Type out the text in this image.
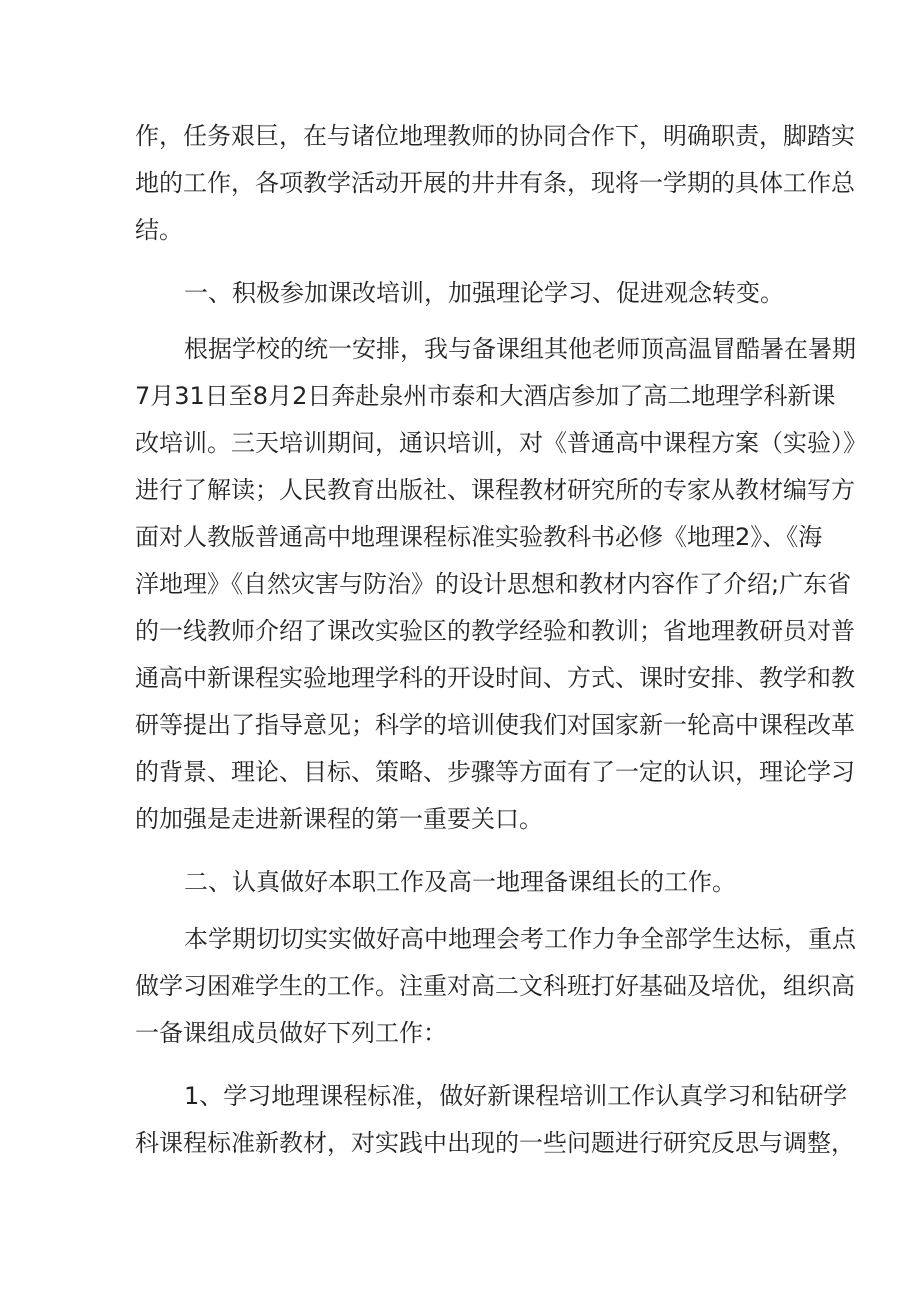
作，任务艰巨，在与诸位地理教师的协同合作下，明确职责，脚踏实
地的工作，各项教学活动开展的井井有条，现将一学期的具体工作总
结。
一、积极参加课改培训，加强理论学习、促进观念转变。
根据学校的统一安排，我与备课组其他老师顶高温冒酷暑在暑期
7月31日至8月2日奔赴泉州市泰和大酒店参加了高二地理学科新课
改培训。三天培训期间，通识培训，对《普通高中课程方案（实验）》
进行了解读；人民教育出版社、课程教材研究所的专家从教材编写方
面对人教版普通高中地理课程标准实验教科书必修《地理2》、《海
洋地理》《自然灾害与防治》的设计思想和教材内容作了介绍;广东省
的一线教师介绍了课改实验区的教学经验和教训；省地理教研员对普
通高中新课程实验地理学科的开设时间、方式、课时安排、教学和教
研等提出了指导意见；科学的培训使我们对国家新一轮高中课程改革
的背景、理论、目标、策略、步骤等方面有了一定的认识，理论学习
的加强是走进新课程的第一重要关口。
二、认真做好本职工作及高一地理备课组长的工作。
本学期切切实实做好高中地理会考工作力争全部学生达标，重点
做学习困难学生的工作。注重对高二文科班打好基础及培优，组织高
一备课组成员做好下列工作：
1、学习地理课程标准，做好新课程培训工作认真学习和钻研学
科课程标准新教材，对实践中出现的一些问题进行研究反思与调整，
